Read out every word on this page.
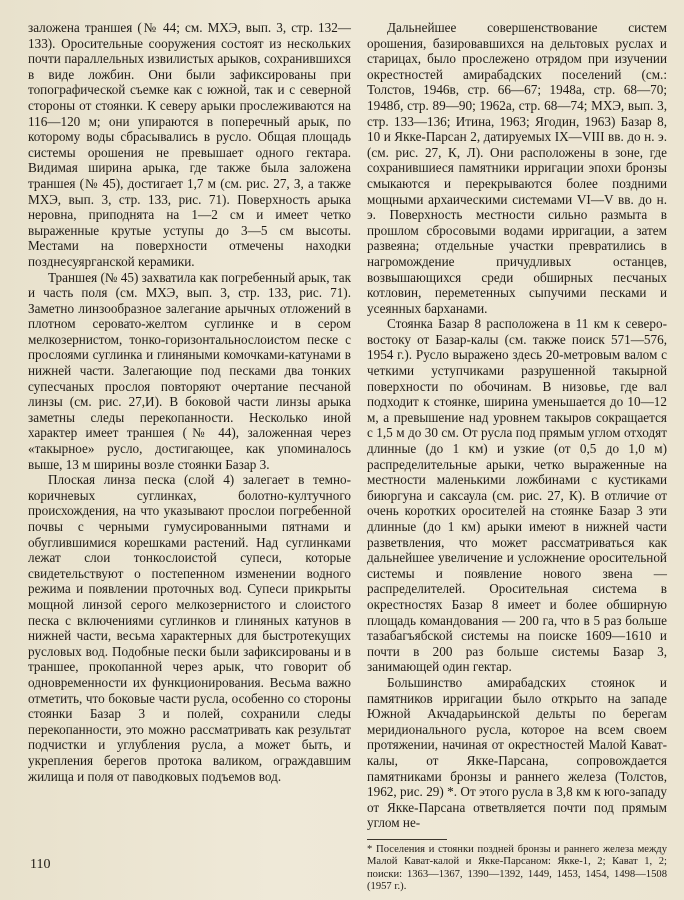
заложена траншея (№ 44; см. МХЭ, вып. 3, стр. 132—133). Оросительные сооружения состоят из нескольких почти параллельных извилистых арыков, сохранившихся в виде ложбин. Они были зафиксированы при топографической съемке как с южной, так и с северной стороны от стоянки. К северу арыки прослеживаются на 116—120 м; они упираются в поперечный арык, по которому воды сбрасывались в русло. Общая площадь системы орошения не превышает одного гектара. Видимая ширина арыка, где также была заложена траншея (№ 45), достигает 1,7 м (см. рис. 27, З, а также МХЭ, вып. 3, стр. 133, рис. 71). Поверхность арыка неровна, приподнята на 1—2 см и имеет четко выраженные крутые уступы до 3—5 см высоты. Местами на поверхности отмечены находки позднесуярганской керамики.

Траншея (№ 45) захватила как погребенный арык, так и часть поля (см. МХЭ, вып. 3, стр. 133, рис. 71). Заметно линзообразное залегание арычных отложений в плотном серовато-желтом суглинке и в сером мелкозернистом, тонко-горизонтальнослоистом песке с прослоями суглинка и глиняными комочками-катунами в нижней части. Залегающие под песками два тонких супесчаных прослоя повторяют очертание песчаной линзы (см. рис. 27,И). В боковой части линзы арыка заметны следы перекопанности. Несколько иной характер имеет траншея (№ 44), заложенная через «такырное» русло, достигающее, как упоминалось выше, 13 м ширины возле стоянки Базар 3.

Плоская линза песка (слой 4) залегает в темно-коричневых суглинках, болотно-култучного происхождения, на что указывают прослои погребенной почвы с черными гумусированными пятнами и обуглившимися корешками растений. Над суглинками лежат слои тонкослоистой супеси, которые свидетельствуют о постепенном изменении водного режима и появлении проточных вод. Супеси прикрыты мощной линзой серого мелкозернистого и слоистого песка с включениями суглинков и глиняных катунов в нижней части, весьма характерных для быстротекущих русловых вод. Подобные пески были зафиксированы и в траншее, прокопанной через арык, что говорит об одновременности их функционирования. Весьма важно отметить, что боковые части русла, особенно со стороны стоянки Базар 3 и полей, сохранили следы перекопанности, это можно рассматривать как результат подчистки и углубления русла, а может быть, и укрепления берегов протока валиком, ограждавшим жилища и поля от паводковых подъемов вод.

Дальнейшее совершенствование систем орошения, базировавшихся на дельтовых руслах и старицах, было прослежено отрядом при изучении окрестностей амирабадских поселений (см.: Толстов, 1946в, стр. 66—67; 1948а, стр. 68—70; 1948б, стр. 89—90; 1962а, стр. 68—74; МХЭ, вып. 3, стр. 133—136; Итина, 1963; Ягодин, 1963) Базар 8, 10 и Якке-Парсан 2, датируемых IX—VIII вв. до н. э. (см. рис. 27, К, Л). Они расположены в зоне, где сохранившиеся памятники ирригации эпохи бронзы смыкаются и перекрываются более поздними мощными архаическими системами VI—V вв. до н. э. Поверхность местности сильно размыта в прошлом сбросовыми водами ирригации, а затем развеяна; отдельные участки превратились в нагромождение причудливых останцев, возвышающихся среди обширных песчаных котловин, переметенных сыпучими песками и усеянных барханами.

Стоянка Базар 8 расположена в 11 км к северо-востоку от Базар-калы (см. также поиск 571—576, 1954 г.). Русло выражено здесь 20-метровым валом с четкими уступчиками разрушенной такырной поверхности по обочинам. В низовье, где вал подходит к стоянке, ширина уменьшается до 10—12 м, а превышение над уровнем такыров сокращается с 1,5 м до 30 см. От русла под прямым углом отходят длинные (до 1 км) и узкие (от 0,5 до 1,0 м) распределительные арыки, четко выраженные на местности маленькими ложбинами с кустиками биюргуна и саксаула (см. рис. 27, К). В отличие от очень коротких оросителей на стоянке Базар 3 эти длинные (до 1 км) арыки имеют в нижней части разветвления, что может рассматриваться как дальнейшее увеличение и усложнение оросительной системы и появление нового звена — распределителей. Оросительная система в окрестностях Базар 8 имеет и более обширную площадь командования — 200 га, что в 5 раз больше тазабагъябской системы на поиске 1609—1610 и почти в 200 раз больше системы Базар 3, занимающей один гектар.

Большинство амирабадских стоянок и памятников ирригации было открыто на западе Южной Акчадарьинской дельты по берегам меридионального русла, которое на всем своем протяжении, начиная от окрестностей Малой Кават-калы, от Якке-Парсана, сопровождается памятниками бронзы и раннего железа (Толстов, 1962, рис. 29) *. От этого русла в 3,8 км к юго-западу от Якке-Парсана ответвляется почти под прямым углом не-

* Поселения и стоянки поздней бронзы и раннего железа между Малой Кават-калой и Якке-Парсаном: Якке-1, 2; Кават 1, 2; поиски: 1363—1367, 1390—1392, 1449, 1453, 1454, 1498—1508 (1957 г.).

110
